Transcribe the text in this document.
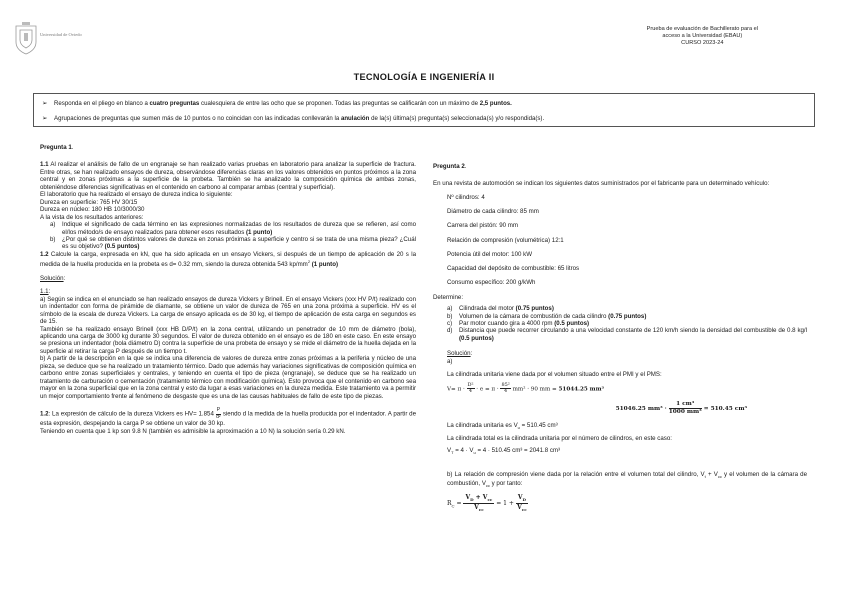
Universidad de Oviedo
Prueba de evaluación de Bachillerato para el
acceso a la Universidad (EBAU)
CURSO 2023-24
TECNOLOGÍA E INGENIERÍA II
➢ Responda en el pliego en blanco a cuatro preguntas cualesquiera de entre las ocho que se proponen. Todas las preguntas se calificarán con un máximo de 2,5 puntos.
➢ Agrupaciones de preguntas que sumen más de 10 puntos o no coincidan con las indicadas conllevarán la anulación de la(s) última(s) pregunta(s) seleccionada(s) y/o respondida(s).

Pregunta 1.

1.1 Al realizar el análisis de fallo de un engranaje se han realizado varias pruebas en laboratorio para analizar la superficie de fractura. Entre otras, se han realizado ensayos de dureza, observándose diferencias claras en los valores obtenidos en puntos próximos a la zona central y en zonas próximas a la superficie de la probeta. También se ha analizado la composición química de ambas zonas, obteniéndose diferencias significativas en el contenido en carbono al comparar ambas (central y superficial).

El laboratorio que ha realizado el ensayo de dureza indica lo siguiente:

Dureza en superficie: 765 HV 30/15

Dureza en núcleo: 180 HB 10/3000/30

A la vista de los resultados anteriores:

a)	Indique el significado de cada término en las expresiones normalizadas de los resultados de dureza que se refieren, así como el/los método/s de ensayo realizados para obtener esos resultados (1 punto)
b)	¿Por qué se obtienen distintos valores de dureza en zonas próximas a superficie y centro si se trata de una misma pieza? ¿Cuál es su objetivo? (0.5 puntos)

1.2 Calcule la carga, expresada en kN, que ha sido aplicada en un ensayo Vickers, si después de un tiempo de aplicación de 20 s la medida de la huella producida en la probeta es d= 0.32 mm, siendo la dureza obtenida 543 $kp/mm^2$ (1 punto)

Solución:

1.1:

a) Según se indica en el enunciado se han realizado ensayos de dureza Vickers y Brinell. En el ensayo Vickers (xxx HV P/t) realizado con un indentador con forma de pirámide de diamante, se obtiene un valor de dureza de 765 en una zona próxima a superficie. HV es el símbolo de la escala de dureza Vickers. La carga de ensayo aplicada es de 30 kg, el tiempo de aplicación de esta carga en segundos es de 15.

También se ha realizado ensayo Brinell (xxx HB D/P/t) en la zona central, utilizando un penetrador de 10 mm de diámetro (bola), aplicando una carga de 3000 kg durante 30 segundos. El valor de dureza obtenido en el ensayo es de 180 en este caso. En este ensayo se presiona un indentador (bola diámetro D) contra la superficie de una probeta de ensayo y se mide el diámetro de la huella dejada en la superficie al retirar la carga P después de un tiempo t.

b) A partir de la descripción en la que se indica una diferencia de valores de dureza entre zonas próximas a la periferia y núcleo de una pieza, se deduce que se ha realizado un tratamiento térmico. Dado que además hay variaciones significativas de composición química en carbono entre zonas superficiales y centrales, y teniendo en cuenta el tipo de pieza (engranaje), se deduce que se ha realizado un tratamiento de carburación o cementación (tratamiento térmico con modificación química). Esto provoca que el contenido en carbono sea mayor en la zona superficial que en la zona central y esto da lugar a esas variaciones en la dureza medida. Este tratamiento va a permitir un mejor comportamiento frente al fenómeno de desgaste que es una de las causas habituales de fallo de este tipo de piezas.

1.2: La expresión de cálculo de la dureza Vickers es $HV= 1.854 \frac{P}{\text{d²}}$ siendo d la medida de la huella producida por el indentador. A partir de esta expresión, despejando la carga P se obtiene un valor de 30 kp.

Teniendo en cuenta que 1 kp son 9.8 N (también es admisible la aproximación a 10 N) la solución sería 0.29 kN.

Pregunta 2.

En una revista de automoción se indican los siguientes datos suministrados por el fabricante para un determinado vehículo:

Nº cilindros: 4

Diámetro de cada cilindro: 85 mm

Carrera del pistón: 90 mm

Relación de compresión (volumétrica) 12:1

Potencia útil del motor: 100 kW

Capacidad del depósito de combustible: 65 litros

Consumo específico: 200 g/kWh

Determine:

a)	Cilindrada del motor (0.75 puntos)
b)	Volumen de la cámara de combustión de cada cilindro (0.75 puntos)
c)	Par motor cuando gira a 4000 rpm (0.5 puntos)
d)	Distancia que puede recorrer circulando a una velocidad constante de 120 km/h siendo la densidad del combustible de 0.8 kg/l (0.5 puntos)

Solución:

a)

La cilindrada unitaria viene dada por el volumen situado entre el PMI y el PMS:

$V= \pi \cdot \frac{\text{D²}}{4} \cdot e = \pi \cdot \frac{\text{85²}}{4} mm^2 \cdot 90$ mm = 51044.25 mm³

51046.25 $mm^3 \cdot \frac{\text{1 cm³}}{\text{1000 mm³}} = 510.45$ cm³

La cilindrada unitaria es $V_u = 510.45$ cm³

La cilindrada total es la cilindrada unitaria por el número de cilindros, en este caso:

$V_T = 4 \cdot V_u = 4 \cdot 510.45$ cm³ = 2041.8 cm³

b) La relación de compresión viene dada por la relación entre el volumen total del cilindro, $V_t + V_{cc}$ y el volumen de la cámara de combustión, $V_{cc}$ y por tanto:

$R_C$ =
$V_D + V_{cc}$
$V_{cc}$
= 1 +
$V_D$
$V_{cc}$
